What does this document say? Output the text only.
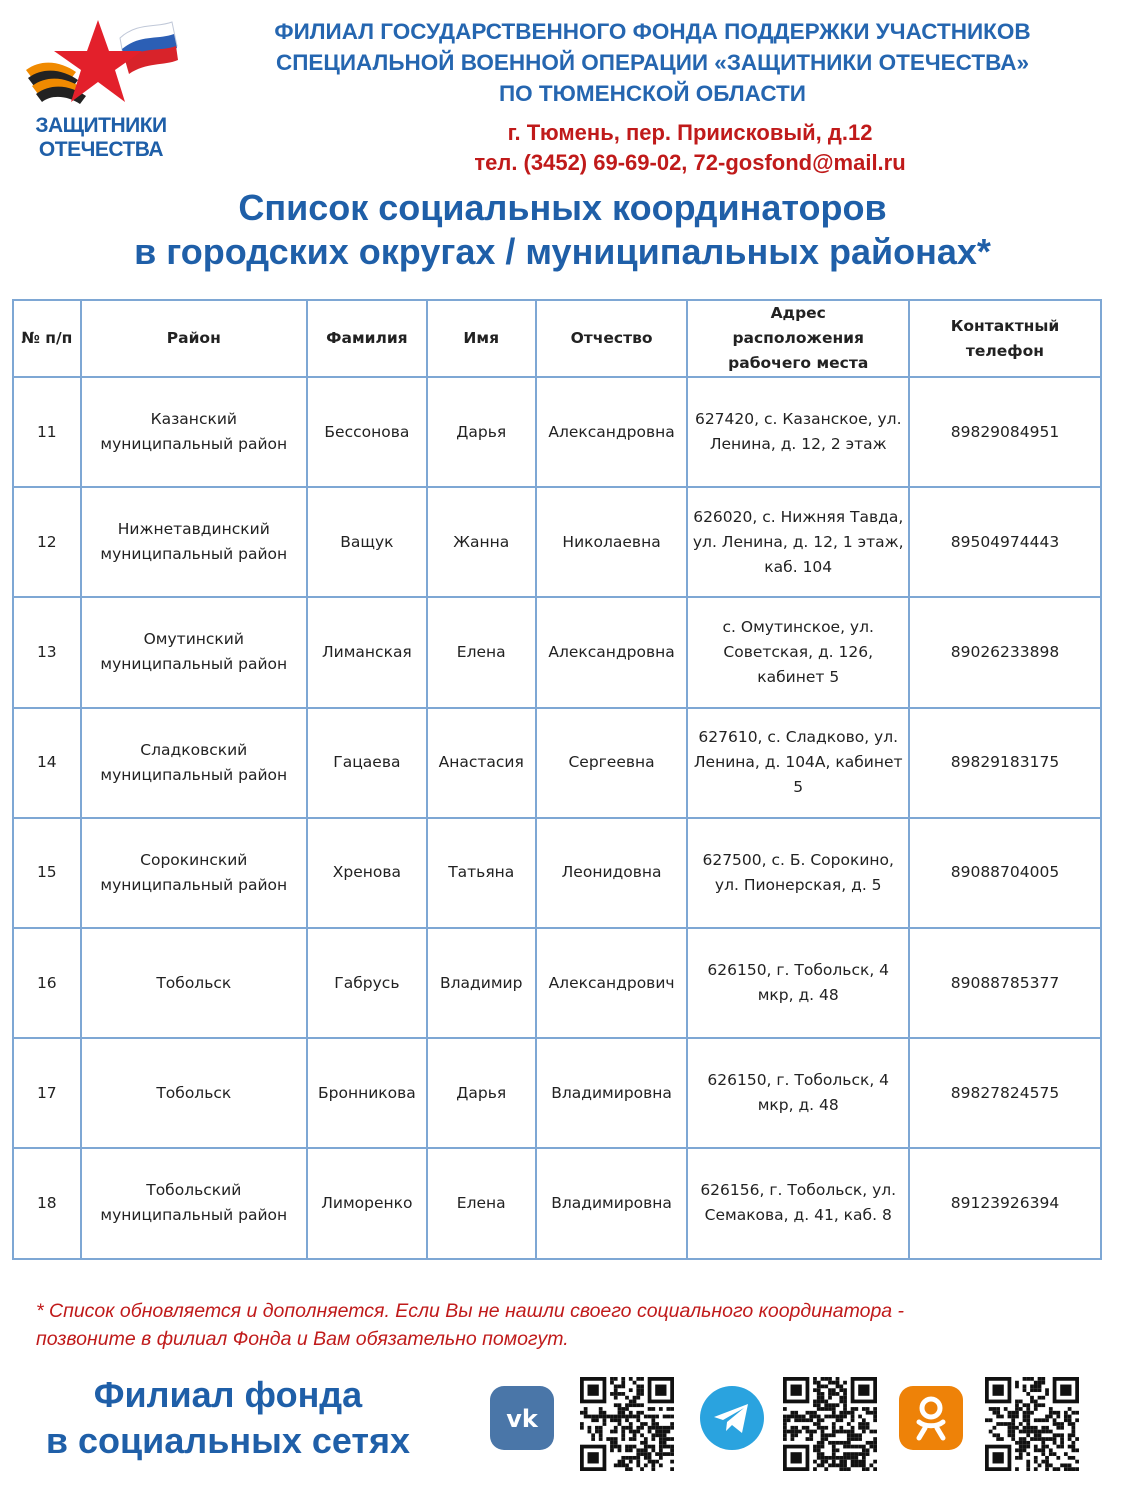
ЗАЩИТНИКИ
ОТЕЧЕСТВА
ФИЛИАЛ ГОСУДАРСТВЕННОГО ФОНДА ПОДДЕРЖКИ УЧАСТНИКОВ
СПЕЦИАЛЬНОЙ ВОЕННОЙ ОПЕРАЦИИ «ЗАЩИТНИКИ ОТЕЧЕСТВА»
ПО ТЮМЕНСКОЙ ОБЛАСТИ
г. Тюмень, пер. Приисковый, д.12
тел. (3452) 69-69-02, 72-gosfond@mail.ru
Список социальных координаторов
в городских округах / муниципальных районах*
№ п/п	Район	Фамилия	Имя	Отчество	Адрес расположения рабочего места	Контактный телефон
11	Казанский муниципальный район	Бессонова	Дарья	Александровна	627420, с. Казанское, ул. Ленина, д. 12, 2 этаж	89829084951
12	Нижнетавдинский муниципальный район	Ващук	Жанна	Николаевна	626020, с. Нижняя Тавда, ул. Ленина, д. 12, 1 этаж, каб. 104	89504974443
13	Омутинский муниципальный район	Лиманская	Елена	Александровна	с. Омутинское, ул. Советская, д. 126, кабинет 5	89026233898
14	Сладковский муниципальный район	Гацаева	Анастасия	Сергеевна	627610, с. Сладково, ул. Ленина, д. 104А, кабинет 5	89829183175
15	Сорокинский муниципальный район	Хренова	Татьяна	Леонидовна	627500, с. Б. Сорокино, ул. Пионерская, д. 5	89088704005
16	Тобольск	Габрусь	Владимир	Александрович	626150, г. Тобольск, 4 мкр, д. 48	89088785377
17	Тобольск	Бронникова	Дарья	Владимировна	626150, г. Тобольск, 4 мкр, д. 48	89827824575
18	Тобольский муниципальный район	Лиморенко	Елена	Владимировна	626156, г. Тобольск, ул. Семакова, д. 41, каб. 8	89123926394
* Список обновляется и дополняется. Если Вы не нашли своего социального координатора -
позвоните в филиал Фонда и Вам обязательно помогут.
Филиал фонда
в социальных сетях
vk
